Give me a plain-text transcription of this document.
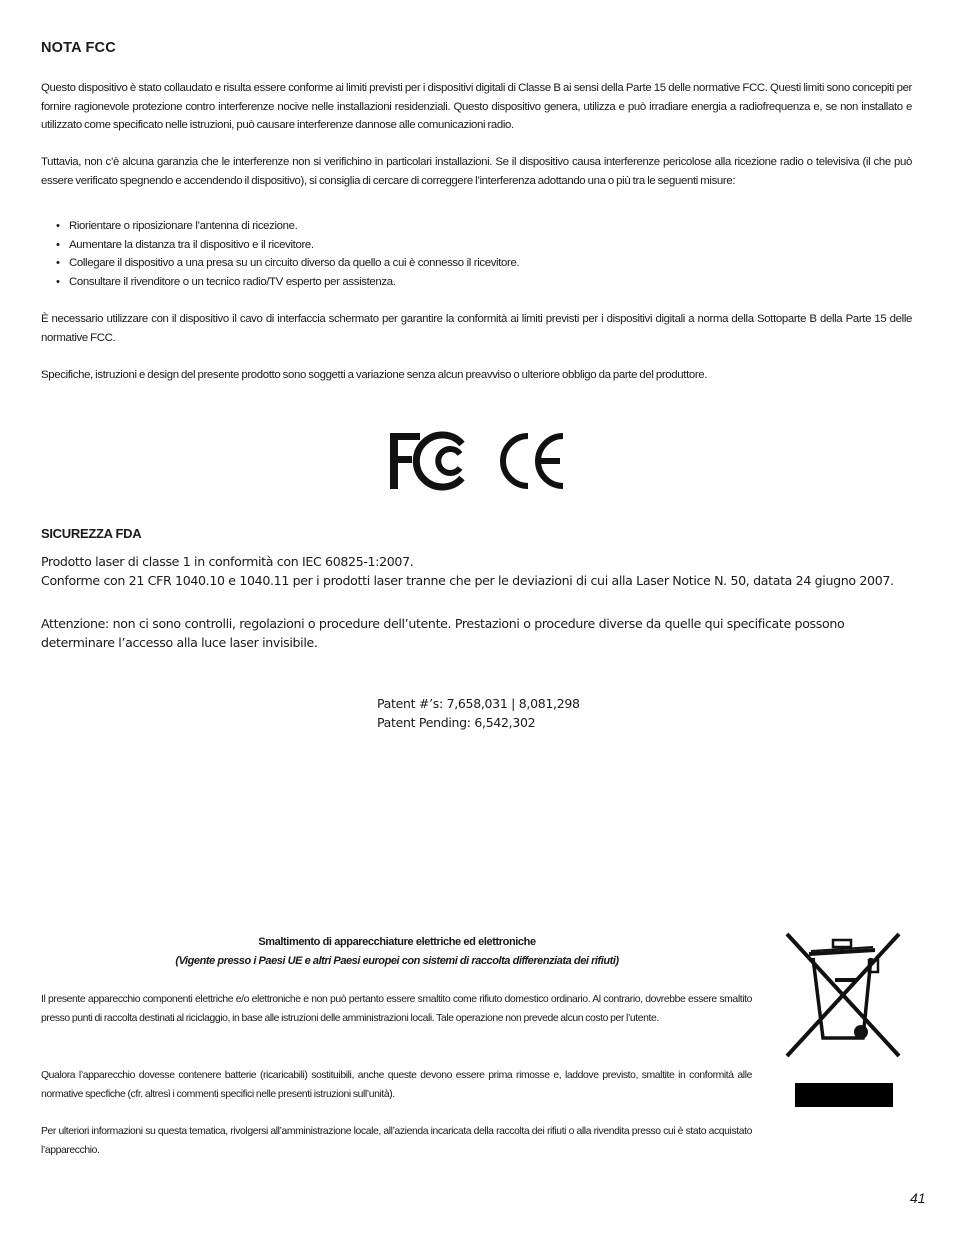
NOTA FCC
Questo dispositivo è stato collaudato e risulta essere conforme ai limiti previsti per i dispositivi digitali di Classe B ai sensi della Parte 15 delle normative FCC. Questi limiti sono concepiti per fornire ragionevole protezione contro interferenze nocive nelle installazioni residenziali. Questo dispositivo genera, utilizza e può irradiare energia a radiofrequenza e, se non installato e utilizzato come specificato nelle istruzioni, può causare interferenze dannose alle comunicazioni radio.
Tuttavia, non c’è alcuna garanzia che le interferenze non si verifichino in particolari installazioni. Se il dispositivo causa interferenze pericolose alla ricezione radio o televisiva (il che può essere verificato spegnendo e accendendo il dispositivo), si consiglia di cercare di correggere l’interferenza adottando una o più tra le seguenti misure:
• Riorientare o riposizionare l’antenna di ricezione.
• Aumentare la distanza tra il dispositivo e il ricevitore.
• Collegare il dispositivo a una presa su un circuito diverso da quello a cui è connesso il ricevitore.
• Consultare il rivenditore o un tecnico radio/TV esperto per assistenza.
È necessario utilizzare con il dispositivo il cavo di interfaccia schermato per garantire la conformità ai limiti previsti per i dispositivi digitali a norma della Sottoparte B della Parte 15 delle normative FCC.
Specifiche, istruzioni e design del presente prodotto sono soggetti a variazione senza alcun preavviso o ulteriore obbligo da parte del produttore.
SICUREZZA FDA
Prodotto laser di classe 1 in conformità con IEC 60825-1:2007.
Conforme con 21 CFR 1040.10 e 1040.11 per i prodotti laser tranne che per le deviazioni di cui alla Laser Notice N. 50, datata 24 giugno 2007.
Attenzione: non ci sono controlli, regolazioni o procedure dell’utente. Prestazioni o procedure diverse da quelle qui specificate possono determinare l’accesso alla luce laser invisibile.
Patent #’s: 7,658,031 | 8,081,298
Patent Pending: 6,542,302
Smaltimento di apparecchiature elettriche ed elettroniche
(Vigente presso i Paesi UE e altri Paesi europei con sistemi di raccolta differenziata dei rifiuti)
Il presente apparecchio componenti elettriche e/o elettroniche e non può pertanto essere smaltito come rifiuto domestico ordinario. Al contrario, dovrebbe essere smaltito presso punti di raccolta destinati al riciclaggio, in base alle istruzioni delle amministrazioni locali. Tale operazione non prevede alcun costo per l’utente.
Qualora l’apparecchio dovesse contenere batterie (ricaricabili) sostituibili, anche queste devono essere prima rimosse e, laddove previsto, smaltite in conformità alle normative specfiche (cfr. altresì i commenti specifici nelle presenti istruzioni sull’unità).
Per ulteriori informazioni su questa tematica, rivolgersi all’amministrazione locale, all’azienda incaricata della raccolta dei rifiuti o alla rivendita presso cui è stato acquistato l’apparecchio.
41
